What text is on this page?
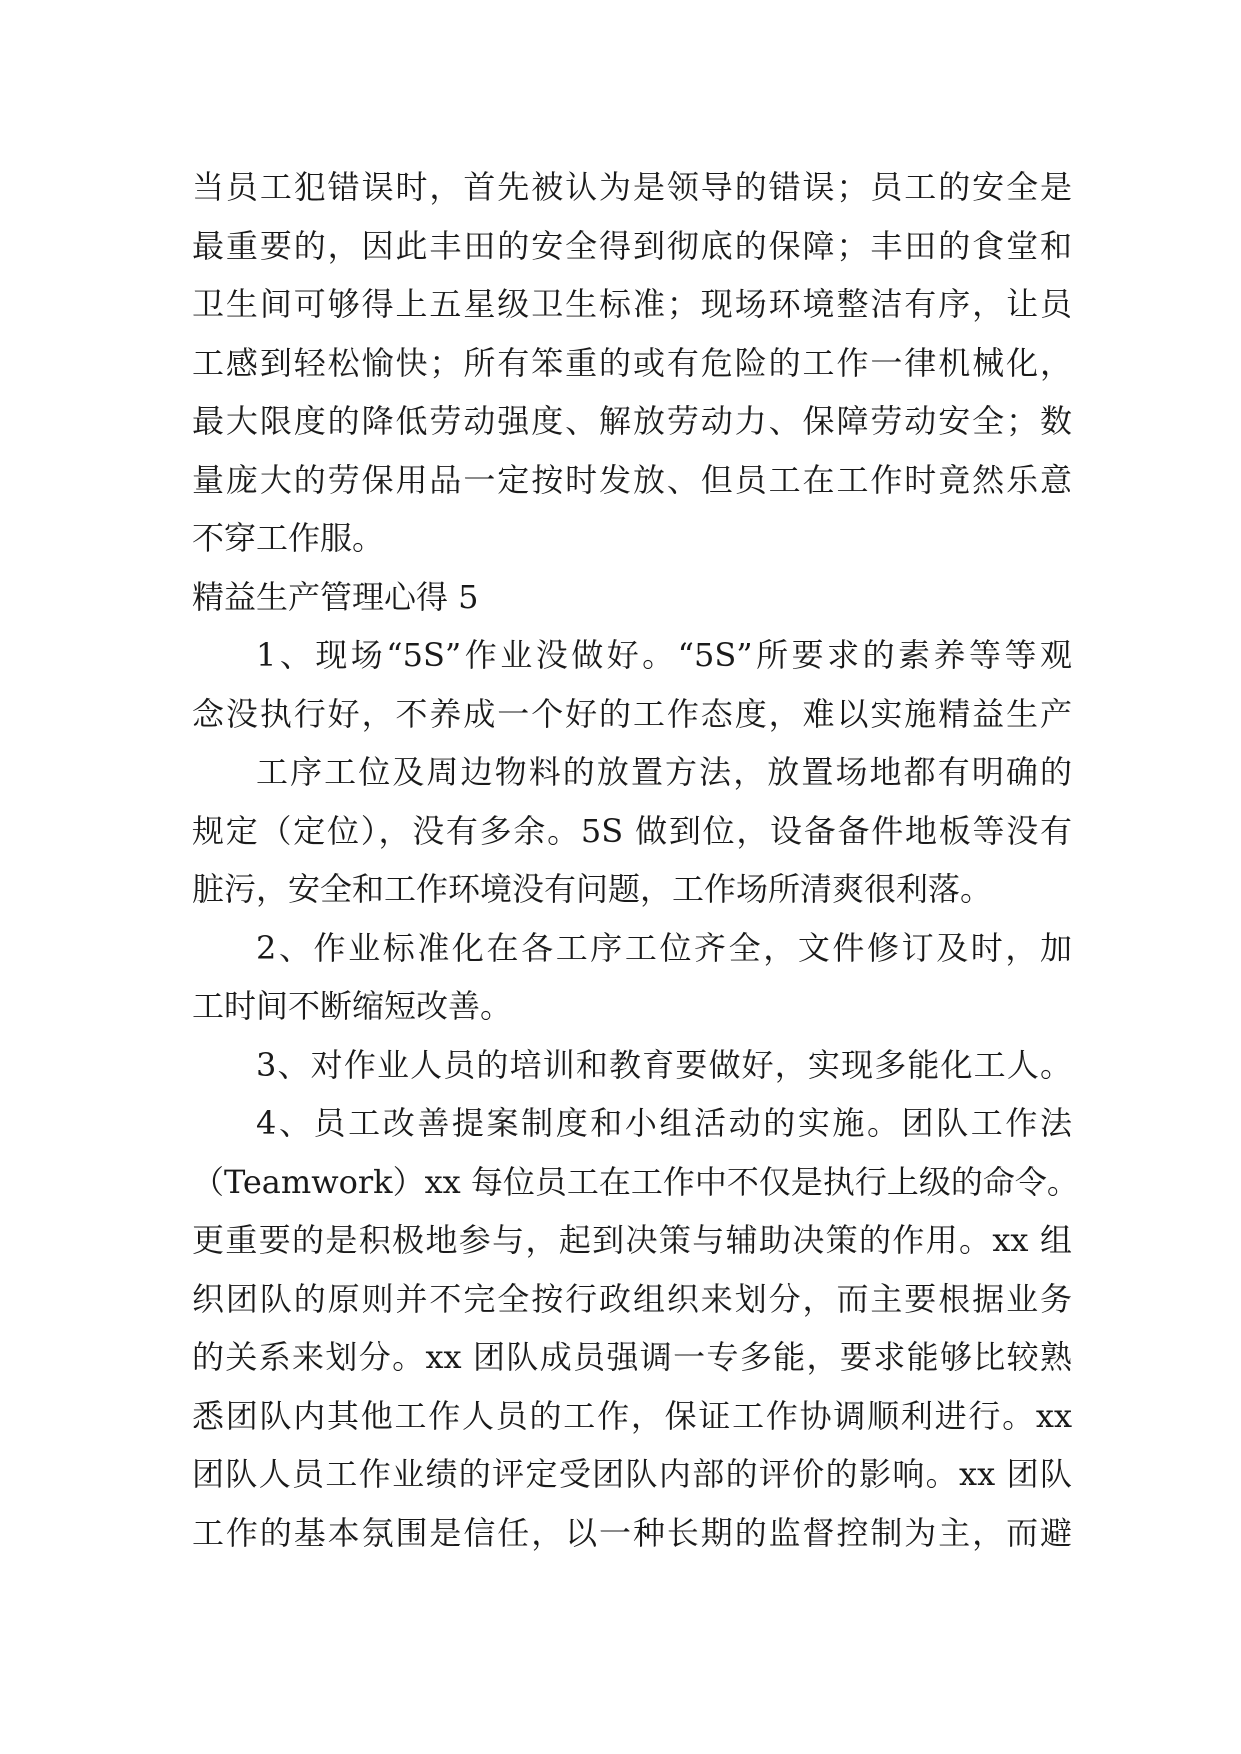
当员工犯错误时，首先被认为是领导的错误；员工的安全是
最重要的，因此丰田的安全得到彻底的保障；丰田的食堂和
卫生间可够得上五星级卫生标准；现场环境整洁有序，让员
工感到轻松愉快；所有笨重的或有危险的工作一律机械化，
最大限度的降低劳动强度、解放劳动力、保障劳动安全；数
量庞大的劳保用品一定按时发放、但员工在工作时竟然乐意
不穿工作服。
精益生产管理心得 5
1、现场“5S”作业没做好。“5S”所要求的素养等等观
念没执行好，不养成一个好的工作态度，难以实施精益生产
工序工位及周边物料的放置方法，放置场地都有明确的
规定（定位），没有多余。5S 做到位，设备备件地板等没有
脏污，安全和工作环境没有问题，工作场所清爽很利落。
2、作业标准化在各工序工位齐全，文件修订及时，加
工时间不断缩短改善。
3、对作业人员的培训和教育要做好，实现多能化工人。
4、员工改善提案制度和小组活动的实施。团队工作法
（Teamwork）xx 每位员工在工作中不仅是执行上级的命令。
更重要的是积极地参与，起到决策与辅助决策的作用。xx 组
织团队的原则并不完全按行政组织来划分，而主要根据业务
的关系来划分。xx 团队成员强调一专多能，要求能够比较熟
悉团队内其他工作人员的工作，保证工作协调顺利进行。xx
团队人员工作业绩的评定受团队内部的评价的影响。xx 团队
工作的基本氛围是信任，以一种长期的监督控制为主，而避
